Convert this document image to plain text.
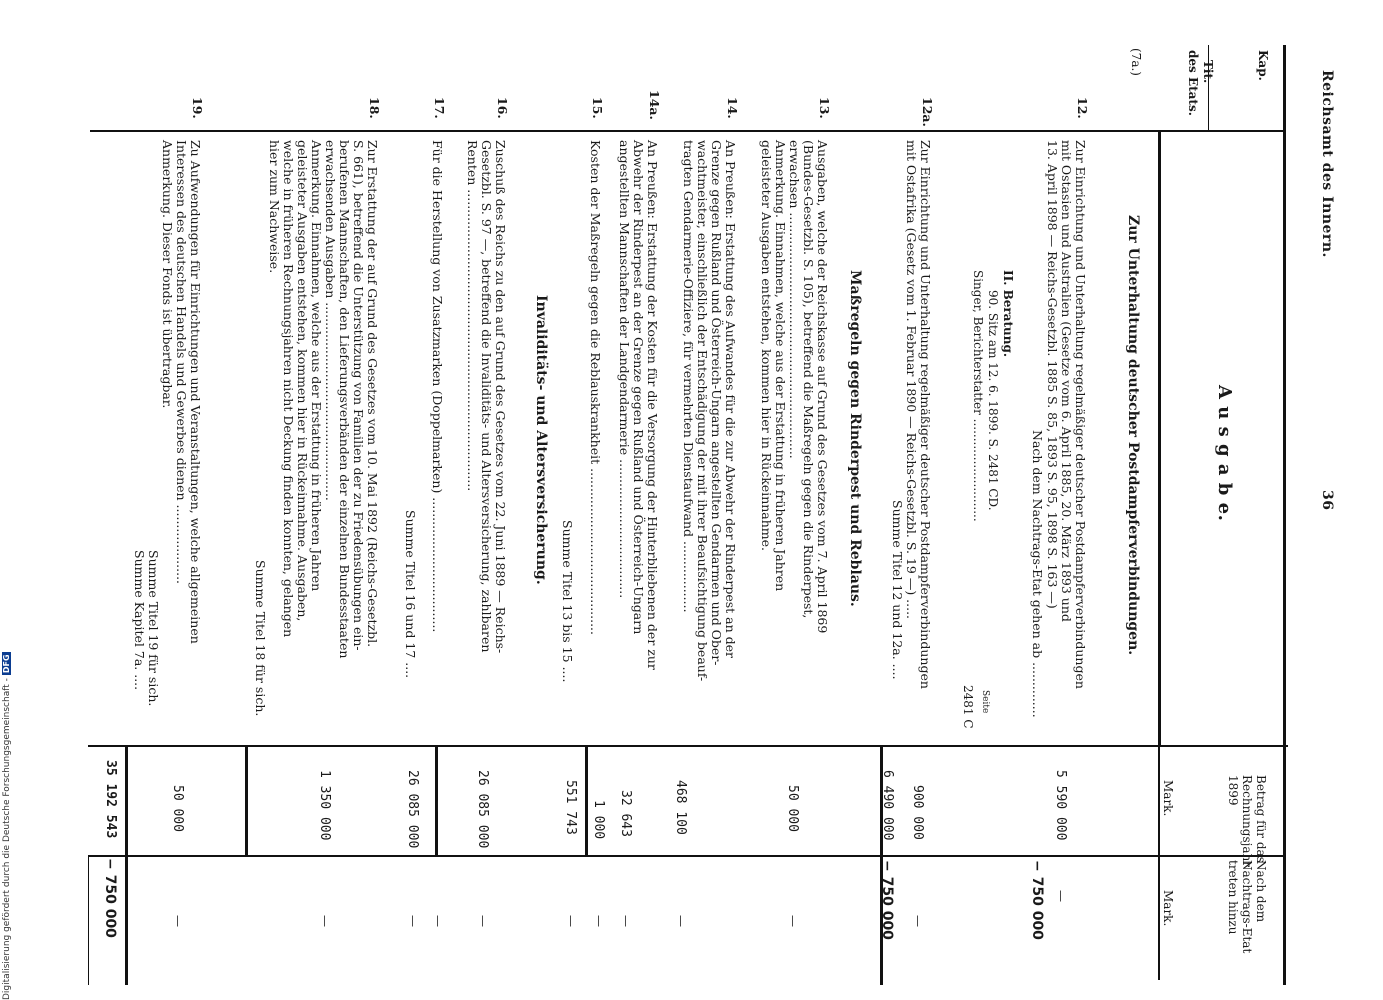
Reichsamt des Innern.
36
A u s g a b e.
Kap.
Tit.
des Etats.
(7a.)
Betrag für das Rechnungsjahr 1899
Mark.
Nach dem Nachtrags-Etat treten hinzu
Mark.
Zur Unterhaltung deutscher Postdampferverbindungen.
12.
Zur Einrichtung und Unterhaltung regelmäßiger deutscher Postdampferverbindungen
mit Ostasien und Australien (Gesetze vom 6. April 1885, 20. März 1893 und
13. April 1898 — Reichs-Gesetzbl. 1885 S. 85, 1893 S. 95, 1898 S. 163 —)
Nach dem Nachtrags-Etat gehen ab ..............
5 590 000
—
− 750 000
II. Beratung.
90. Sitz am 12. 6. 1899. S. 2481 CD.
Singer, Berichterstatter ...........................
Seite
2481 C
12a.
Zur Einrichtung und Unterhaltung regelmäßiger deutscher Postdampferverbindungen
mit Ostafrika (Gesetz vom 1. Februar 1890 — Reichs-Gesetzbl. S. 19 —) .....
Summe Titel 12 und 12a. ....
900 000
—
6 490 000
− 750 000
Maßregeln gegen Rinderpest und Reblaus.
13.
Ausgaben, welche der Reichskasse auf Grund des Gesetzes vom 7. April 1869
(Bundes-Gesetzbl. S. 105), betreffend die Maßregeln gegen die Rinderpest,
erwachsen ..............................................................
Anmerkung. Einnahmen, welche aus der Erstattung in früheren Jahren
geleisteter Ausgaben entstehen, kommen hier in Rückeinnahme.
50 000
—
14.
An Preußen: Erstattung des Aufwandes für die zur Abwehr der Rinderpest an der
Grenze gegen Rußland und Österreich-Ungarn angestellten Gendarmen und Ober-
wachtmeister, einschließlich der Entschädigung der mit ihrer Beaufsichtigung beauf-
tragten Gendarmerie-Offiziere, für vermehrten Dienstaufwand ..................
468 100
—
14a.
An Preußen: Erstattung der Kosten für die Versorgung der Hinterbliebenen der zur
Abwehr der Rinderpest an der Grenze gegen Rußland und Österreich-Ungarn
angestellten Mannschaften der Landgendarmerie ...................................
32 643
—
15.
Kosten der Maßregeln gegen die Reblauskrankheit ..........................................
Summe Titel 13 bis 15 ....
1 000
—
551 743
—
Invaliditäts- und Altersversicherung.
16.
Zuschuß des Reichs zu den auf Grund des Gesetzes vom 22. Juni 1889 — Reichs-
Gesetzbl. S. 97 —, betreffend die Invaliditäts- und Altersversicherung, zahlbaren
Renten ............................................................................
26 085 000
—
17.
Für die Herstellung von Zusatzmarken (Doppelmarken) ..................................
Summe Titel 16 und 17 ....
—
—
26 085 000
—
18.
Zur Erstattung der auf Grund des Gesetzes vom 10. Mai 1892 (Reichs-Gesetzbl.
S. 661), betreffend die Unterstützung von Familien der zu Friedensübungen ein-
berufenen Mannschaften, den Lieferungsverbänden der einzelnen Bundesstaaten
erwachsenden Ausgaben ..................................................
Anmerkung. Einnahmen, welche aus der Erstattung in früheren Jahren
geleisteter Ausgaben entstehen, kommen hier in Rückeinnahme. Ausgaben,
welche in früheren Rechnungsjahren nicht Deckung finden konnten, gelangen
hier zum Nachweise.
Summe Titel 18 für sich.
1 350 000
—
19.
Zu Aufwendungen für Einrichtungen und Veranstaltungen, welche allgemeinen
Interessen des deutschen Handels und Gewerbes dienen ....................
Anmerkung. Dieser Fonds ist übertragbar.
Summe Titel 19 für sich.
Summe Kapitel 7a. ....
50 000
—
35 192 543
− 750 000
Digitalisierung gefördert durch die Deutsche Forschungsgemeinschaft -DFG
